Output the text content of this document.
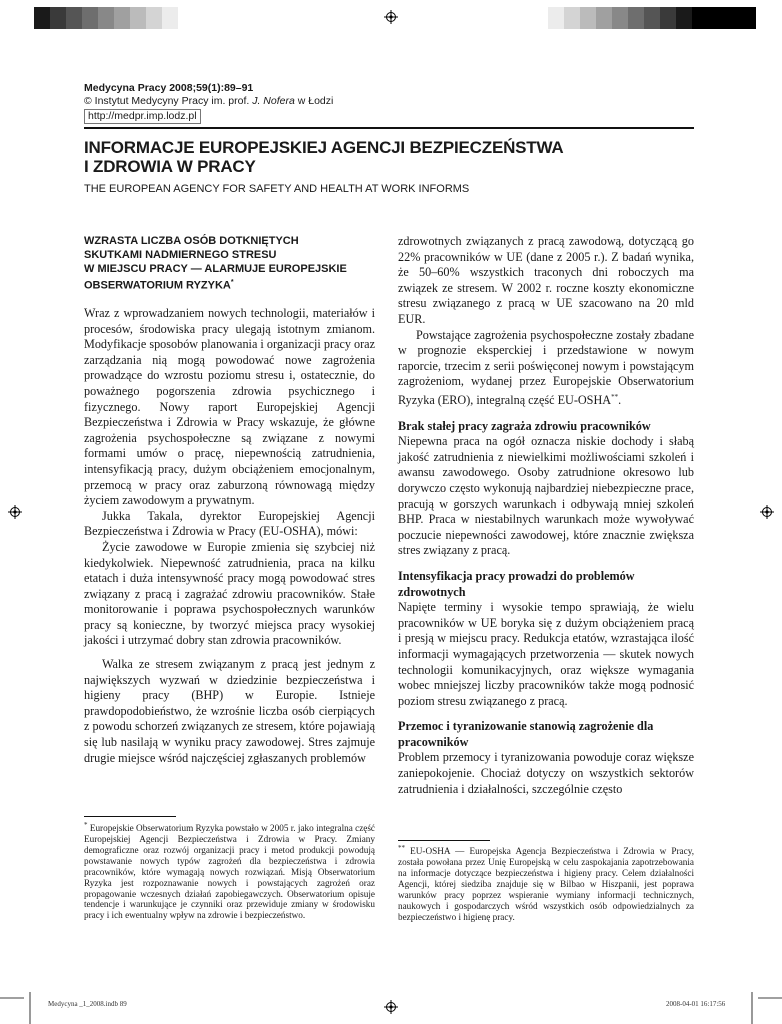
Medycyna Pracy 2008;59(1):89–91
© Instytut Medycyny Pracy im. prof. J. Nofera w Łodzi
http://medpr.imp.lodz.pl
INFORMACJE EUROPEJSKIEJ AGENCJI BEZPIECZEŃSTWA
I ZDROWIA W PRACY
THE EUROPEAN AGENCY FOR SAFETY AND HEALTH AT WORK INFORMS
WZRASTA LICZBA OSÓB DOTKNIĘTYCH
SKUTKAMI NADMIERNEGO STRESU
W MIEJSCU PRACY — ALARMUJE EUROPEJSKIE
OBSERWATORIUM RYZYKA*

Wraz z wprowadzaniem nowych technologii, materiałów i procesów, środowiska pracy ulegają istotnym zmianom. Modyfikacje sposobów planowania i organizacji pracy oraz zarządzania nią mogą powodować nowe zagrożenia prowadzące do wzrostu poziomu stresu i, ostatecznie, do poważnego pogorszenia zdrowia psychicznego i fizycznego. Nowy raport Europejskiej Agencji Bezpieczeństwa i Zdrowia w Pracy wskazuje, że główne zagrożenia psychospołeczne są związane z nowymi formami umów o pracę, niepewnością zatrudnienia, intensyfikacją pracy, dużym obciążeniem emocjonalnym, przemocą w pracy oraz zaburzoną równowagą między życiem zawodowym a prywatnym.

Jukka Takala, dyrektor Europejskiej Agencji Bezpieczeństwa i Zdrowia w Pracy (EU-OSHA), mówi:

Życie zawodowe w Europie zmienia się szybciej niż kiedykolwiek. Niepewność zatrudnienia, praca na kilku etatach i duża intensywność pracy mogą powodować stres związany z pracą i zagrażać zdrowiu pracowników. Stałe monitorowanie i poprawa psychospołecznych warunków pracy są konieczne, by tworzyć miejsca pracy wysokiej jakości i utrzymać dobry stan zdrowia pracowników.

Walka ze stresem związanym z pracą jest jednym z największych wyzwań w dziedzinie bezpieczeństwa i higieny pracy (BHP) w Europie. Istnieje prawdopodobieństwo, że wzrośnie liczba osób cierpiących z powodu schorzeń związanych ze stresem, które pojawiają się lub nasilają w wyniku pracy zawodowej. Stres zajmuje drugie miejsce wśród najczęściej zgłaszanych problemów

* Europejskie Obserwatorium Ryzyka powstało w 2005 r. jako integralna część Europejskiej Agencji Bezpieczeństwa i Zdrowia w Pracy. Zmiany demograficzne oraz rozwój organizacji pracy i metod produkcji powodują powstawanie nowych typów zagrożeń dla bezpieczeństwa i zdrowia pracowników, które wymagają nowych rozwiązań. Misją Obserwatorium Ryzyka jest rozpoznawanie nowych i powstających zagrożeń oraz propagowanie wczesnych działań zapobiegawczych. Obserwatorium opisuje tendencje i warunkujące je czynniki oraz przewiduje zmiany w środowisku pracy i ich ewentualny wpływ na zdrowie i bezpieczeństwo.

zdrowotnych związanych z pracą zawodową, dotyczącą go 22% pracowników w UE (dane z 2005 r.). Z badań wynika, że 50–60% wszystkich traconych dni roboczych ma związek ze stresem. W 2002 r. roczne koszty ekonomiczne stresu związanego z pracą w UE szacowano na 20 mld EUR.

Powstające zagrożenia psychospołeczne zostały zbadane w prognozie eksperckiej i przedstawione w nowym raporcie, trzecim z serii poświęconej nowym i powstającym zagrożeniom, wydanej przez Europejskie Obserwatorium Ryzyka (ERO), integralną część EU-OSHA**.

Brak stałej pracy zagraża zdrowiu pracowników

Niepewna praca na ogół oznacza niskie dochody i słabą jakość zatrudnienia z niewielkimi możliwościami szkoleń i awansu zawodowego. Osoby zatrudnione okresowo lub dorywczo często wykonują najbardziej niebezpieczne prace, pracują w gorszych warunkach i odbywają mniej szkoleń BHP. Praca w niestabilnych warunkach może wywoływać poczucie niepewności zawodowej, które znacznie zwiększa stres związany z pracą.

Intensyfikacja pracy prowadzi do problemów zdrowotnych

Napięte terminy i wysokie tempo sprawiają, że wielu pracowników w UE boryka się z dużym obciążeniem pracą i presją w miejscu pracy. Redukcja etatów, wzrastająca ilość informacji wymagających przetworzenia — skutek nowych technologii komunikacyjnych, oraz większe wymagania wobec mniejszej liczby pracowników także mogą podnosić poziom stresu związanego z pracą.

Przemoc i tyranizowanie stanowią zagrożenie dla pracowników

Problem przemocy i tyranizowania powoduje coraz większe zaniepokojenie. Chociaż dotyczy on wszystkich sektorów zatrudnienia i działalności, szczególnie często

** EU-OSHA — Europejska Agencja Bezpieczeństwa i Zdrowia w Pracy, została powołana przez Unię Europejską w celu zaspokajania zapotrzebowania na informacje dotyczące bezpieczeństwa i higieny pracy. Celem działalności Agencji, której siedziba znajduje się w Bilbao w Hiszpanii, jest poprawa warunków pracy poprzez wspieranie wymiany informacji technicznych, naukowych i gospodarczych wśród wszystkich osób odpowiedzialnych za bezpieczeństwo i higienę pracy.
Medycyna _1_2008.indb 89	2008-04-01 16:17:56
